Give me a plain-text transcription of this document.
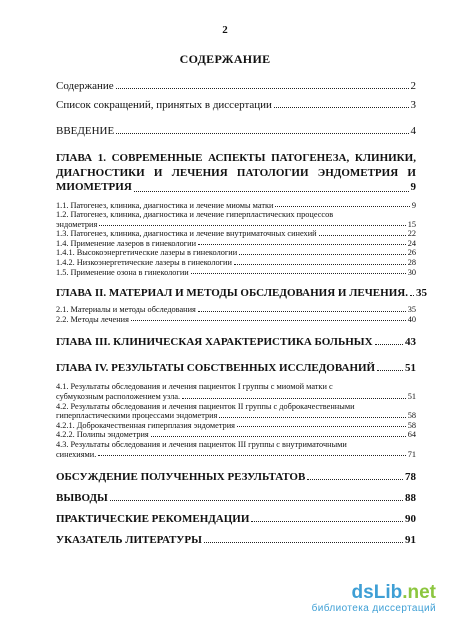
2
СОДЕРЖАНИЕ
Содержание	2
Список сокращений, принятых в диссертации	3
ВВЕДЕНИЕ	4
ГЛАВА 1. СОВРЕМЕННЫЕ АСПЕКТЫ ПАТОГЕНЕЗА, КЛИНИКИ,
ДИАГНОСТИКИ И ЛЕЧЕНИЯ ПАТОЛОГИИ ЭНДОМЕТРИЯ И
МИОМЕТРИЯ	9
1.1. Патогенез, клиника, диагностика и лечение миомы матки	9
1.2. Патогенез, клиника, диагностика и лечение гиперпластических процессов
эндометрия	15
1.3. Патогенез, клиника, диагностика и лечение внутриматочных синехий	22
1.4. Применение лазеров в гинекологии	24
1.4.1. Высокоэнергетические лазеры в гинекологии	26
1.4.2. Низкоэнергетические лазеры в гинекологии	28
1.5. Применение озона в гинекологии	30
ГЛАВА II. МАТЕРИАЛ И МЕТОДЫ ОБСЛЕДОВАНИЯ И ЛЕЧЕНИЯ. 35
2.1. Материалы и методы обследования	35
2.2. Методы лечения	40
ГЛАВА III. КЛИНИЧЕСКАЯ ХАРАКТЕРИСТИКА БОЛЬНЫХ	43
ГЛАВА IV. РЕЗУЛЬТАТЫ СОБСТВЕННЫХ ИССЛЕДОВАНИЙ	51
4.1. Результаты обследования и лечения пациенток I группы с миомой матки с
субмукозным расположением узла.	51
4.2. Результаты обследования и лечения пациенток II группы с доброкачественными
гиперпластическими процессами эндометрия	58
4.2.1. Доброкачественная гиперплазия эндометрия	58
4.2.2. Полипы эндометрия	64
4.3. Результаты обследования и лечения пациенток III группы с внутриматочными
синехиями.	71
ОБСУЖДЕНИЕ ПОЛУЧЕННЫХ РЕЗУЛЬТАТОВ	78
ВЫВОДЫ	88
ПРАКТИЧЕСКИЕ РЕКОМЕНДАЦИИ	90
УКАЗАТЕЛЬ ЛИТЕРАТУРЫ	91
dsLib.net
библиотека диссертаций
